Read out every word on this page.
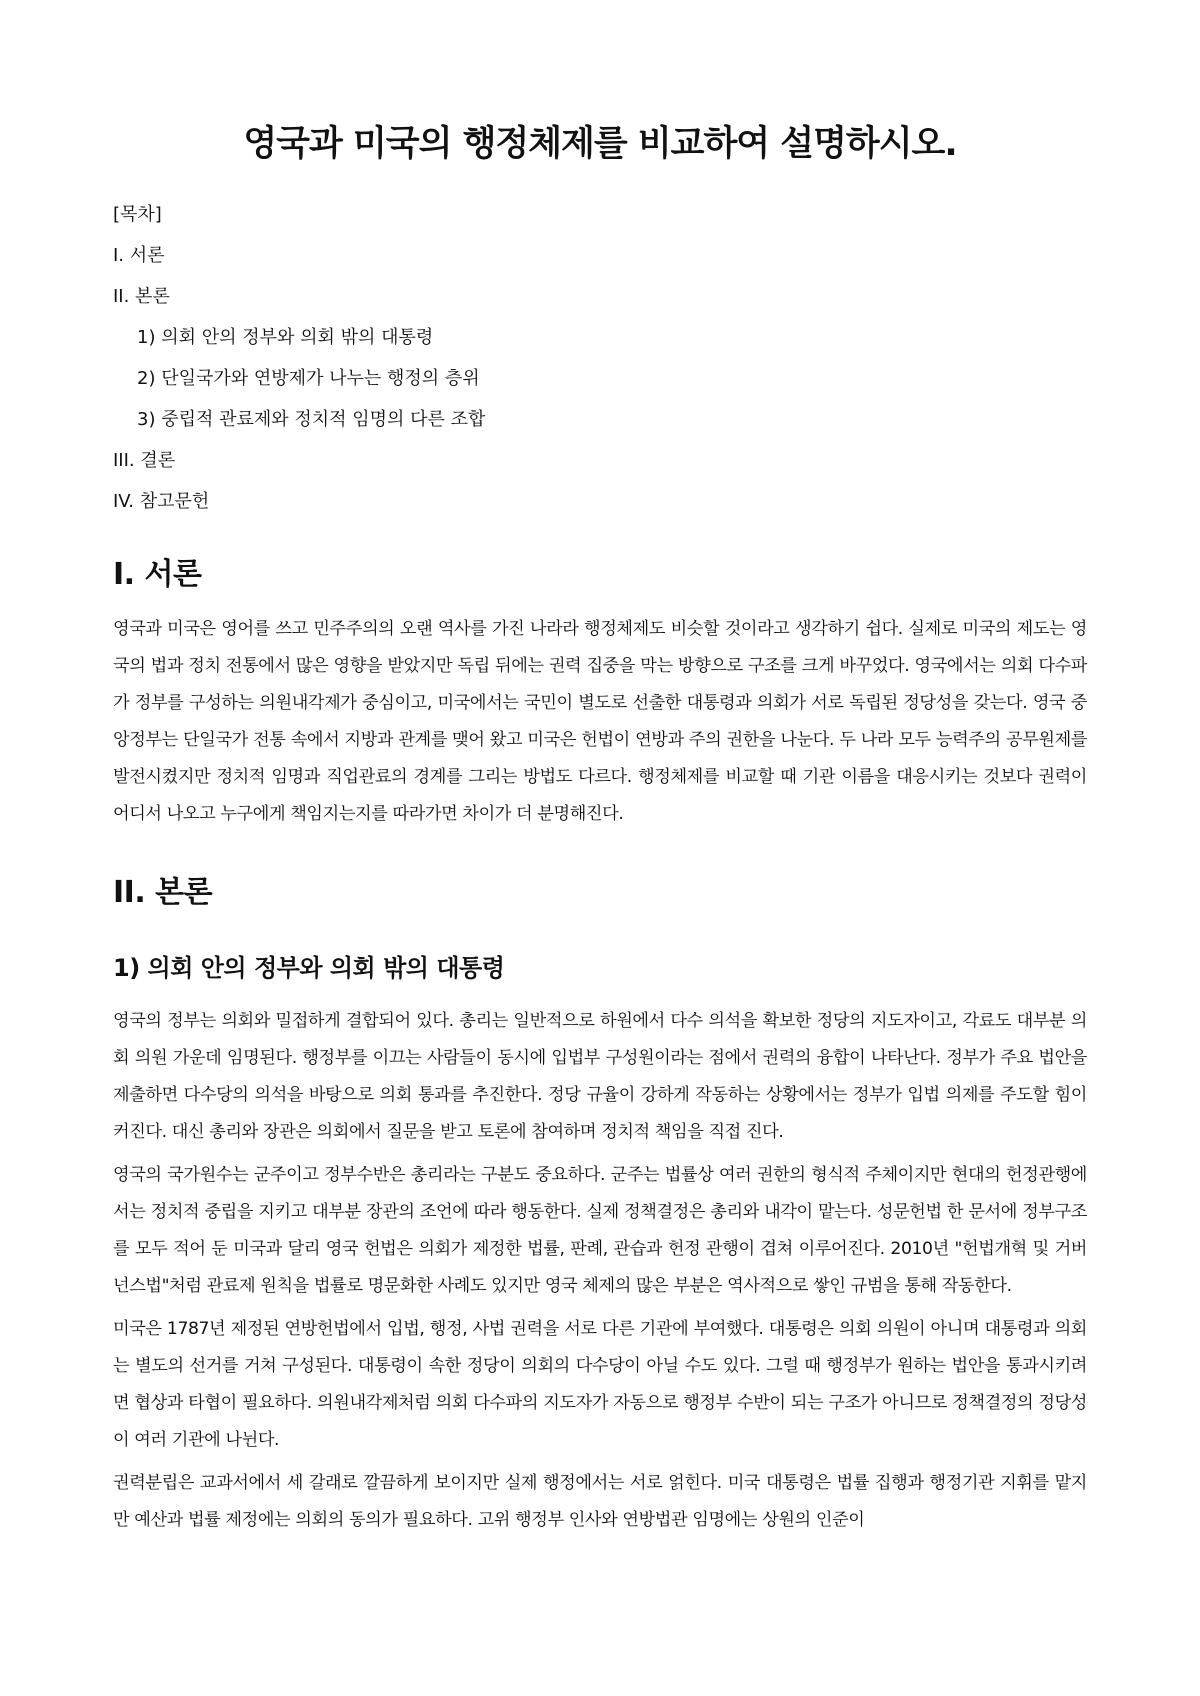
영국과 미국의 행정체제를 비교하여 설명하시오.
[목차]
I. 서론
II. 본론
1) 의회 안의 정부와 의회 밖의 대통령
2) 단일국가와 연방제가 나누는 행정의 층위
3) 중립적 관료제와 정치적 임명의 다른 조합
III. 결론
IV. 참고문헌
I. 서론

영국과 미국은 영어를 쓰고 민주주의의 오랜 역사를 가진 나라라 행정체제도 비슷할 것이라고 생각하기 쉽다. 실제로 미국의 제도는 영국의 법과 정치 전통에서 많은 영향을 받았지만 독립 뒤에는 권력 집중을 막는 방향으로 구조를 크게 바꾸었다. 영국에서는 의회 다수파가 정부를 구성하는 의원내각제가 중심이고, 미국에서는 국민이 별도로 선출한 대통령과 의회가 서로 독립된 정당성을 갖는다. 영국 중앙정부는 단일국가 전통 속에서 지방과 관계를 맺어 왔고 미국은 헌법이 연방과 주의 권한을 나눈다. 두 나라 모두 능력주의 공무원제를 발전시켰지만 정치적 임명과 직업관료의 경계를 그리는 방법도 다르다. 행정체제를 비교할 때 기관 이름을 대응시키는 것보다 권력이 어디서 나오고 누구에게 책임지는지를 따라가면 차이가 더 분명해진다.

II. 본론
1) 의회 안의 정부와 의회 밖의 대통령

영국의 정부는 의회와 밀접하게 결합되어 있다. 총리는 일반적으로 하원에서 다수 의석을 확보한 정당의 지도자이고, 각료도 대부분 의회 의원 가운데 임명된다. 행정부를 이끄는 사람들이 동시에 입법부 구성원이라는 점에서 권력의 융합이 나타난다. 정부가 주요 법안을 제출하면 다수당의 의석을 바탕으로 의회 통과를 추진한다. 정당 규율이 강하게 작동하는 상황에서는 정부가 입법 의제를 주도할 힘이 커진다. 대신 총리와 장관은 의회에서 질문을 받고 토론에 참여하며 정치적 책임을 직접 진다.

영국의 국가원수는 군주이고 정부수반은 총리라는 구분도 중요하다. 군주는 법률상 여러 권한의 형식적 주체이지만 현대의 헌정관행에서는 정치적 중립을 지키고 대부분 장관의 조언에 따라 행동한다. 실제 정책결정은 총리와 내각이 맡는다. 성문헌법 한 문서에 정부구조를 모두 적어 둔 미국과 달리 영국 헌법은 의회가 제정한 법률, 판례, 관습과 헌정 관행이 겹쳐 이루어진다. 2010년 "헌법개혁 및 거버넌스법"처럼 관료제 원칙을 법률로 명문화한 사례도 있지만 영국 체제의 많은 부분은 역사적으로 쌓인 규범을 통해 작동한다.

미국은 1787년 제정된 연방헌법에서 입법, 행정, 사법 권력을 서로 다른 기관에 부여했다. 대통령은 의회 의원이 아니며 대통령과 의회는 별도의 선거를 거쳐 구성된다. 대통령이 속한 정당이 의회의 다수당이 아닐 수도 있다. 그럴 때 행정부가 원하는 법안을 통과시키려면 협상과 타협이 필요하다. 의원내각제처럼 의회 다수파의 지도자가 자동으로 행정부 수반이 되는 구조가 아니므로 정책결정의 정당성이 여러 기관에 나뉜다.

권력분립은 교과서에서 세 갈래로 깔끔하게 보이지만 실제 행정에서는 서로 얽힌다. 미국 대통령은 법률 집행과 행정기관 지휘를 맡지만 예산과 법률 제정에는 의회의 동의가 필요하다. 고위 행정부 인사와 연방법관 임명에는 상원의 인준이
